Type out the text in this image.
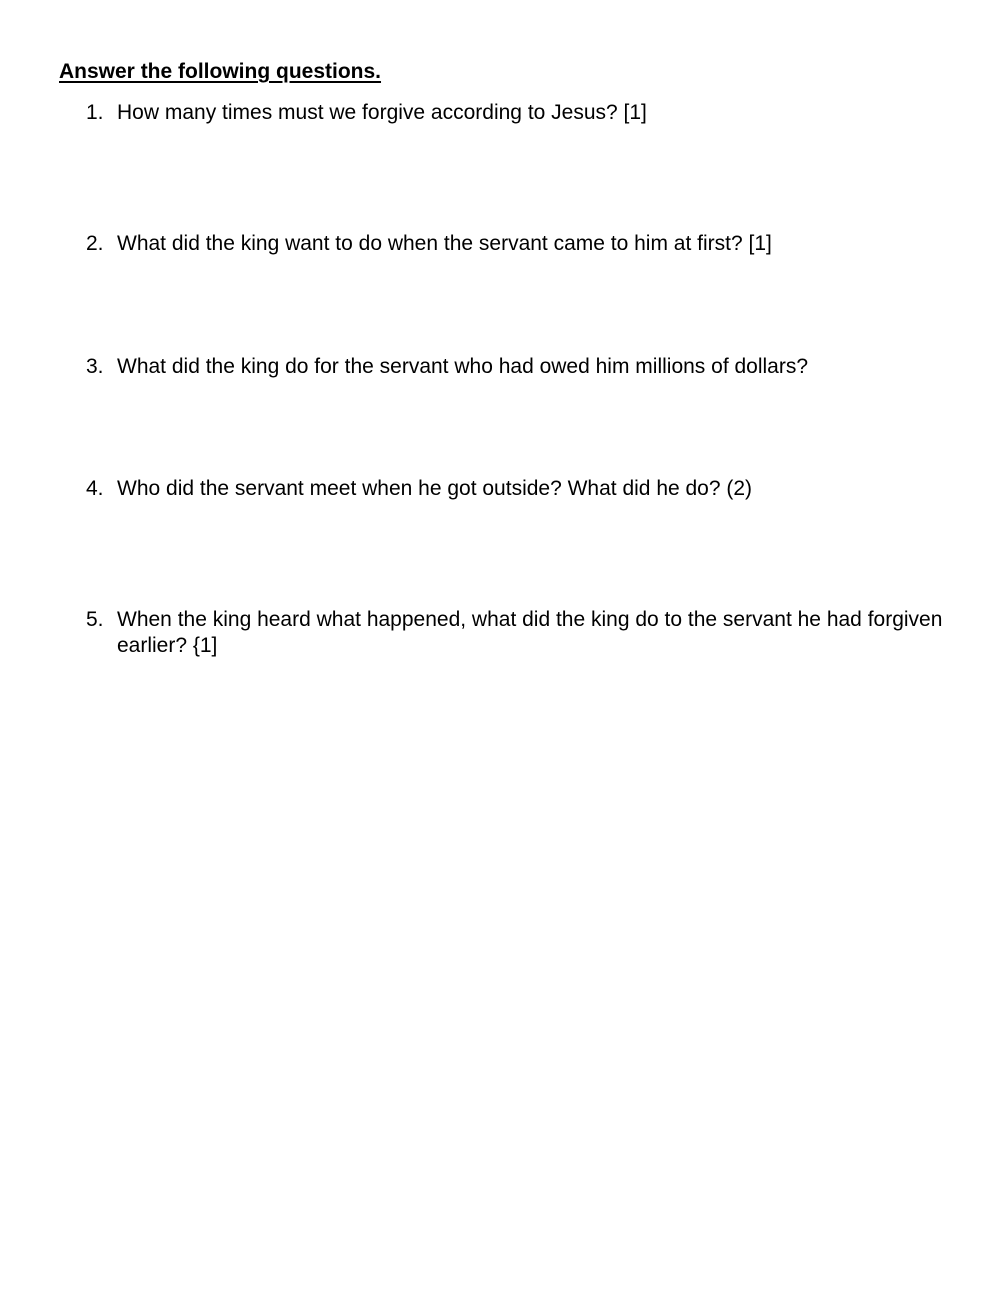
Answer the following questions.
1. How many times must we forgive according to Jesus? [1]
2. What did the king want to do when the servant came to him at first? [1]
3. What did the king do for the servant who had owed him millions of dollars?
4. Who did the servant meet when he got outside? What did he do? (2)
5. When the king heard what happened, what did the king do to the servant he had forgiven earlier? {1]
